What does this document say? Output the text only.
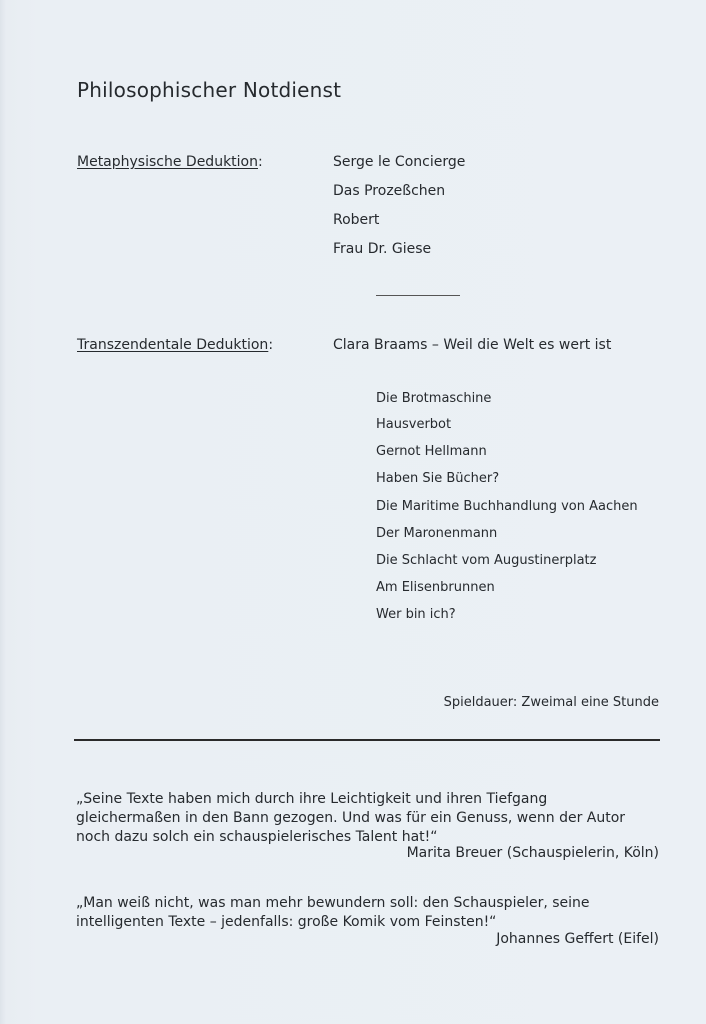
Philosophischer Notdienst
Metaphysische Deduktion:	Serge le Concierge
Das Prozeßchen
Robert
Frau Dr. Giese
Transzendentale Deduktion:	Clara Braams – Weil die Welt es wert ist
Die Brotmaschine
Hausverbot
Gernot Hellmann
Haben Sie Bücher?
Die Maritime Buchhandlung von Aachen
Der Maronenmann
Die Schlacht vom Augustinerplatz
Am Elisenbrunnen
Wer bin ich?
Spieldauer: Zweimal eine Stunde
„Seine Texte haben mich durch ihre Leichtigkeit und ihren Tiefgang
gleichermaßen in den Bann gezogen. Und was für ein Genuss, wenn der Autor
noch dazu solch ein schauspielerisches Talent hat!“
Marita Breuer (Schauspielerin, Köln)
„Man weiß nicht, was man mehr bewundern soll: den Schauspieler, seine
intelligenten Texte – jedenfalls: große Komik vom Feinsten!“
Johannes Geffert (Eifel)
